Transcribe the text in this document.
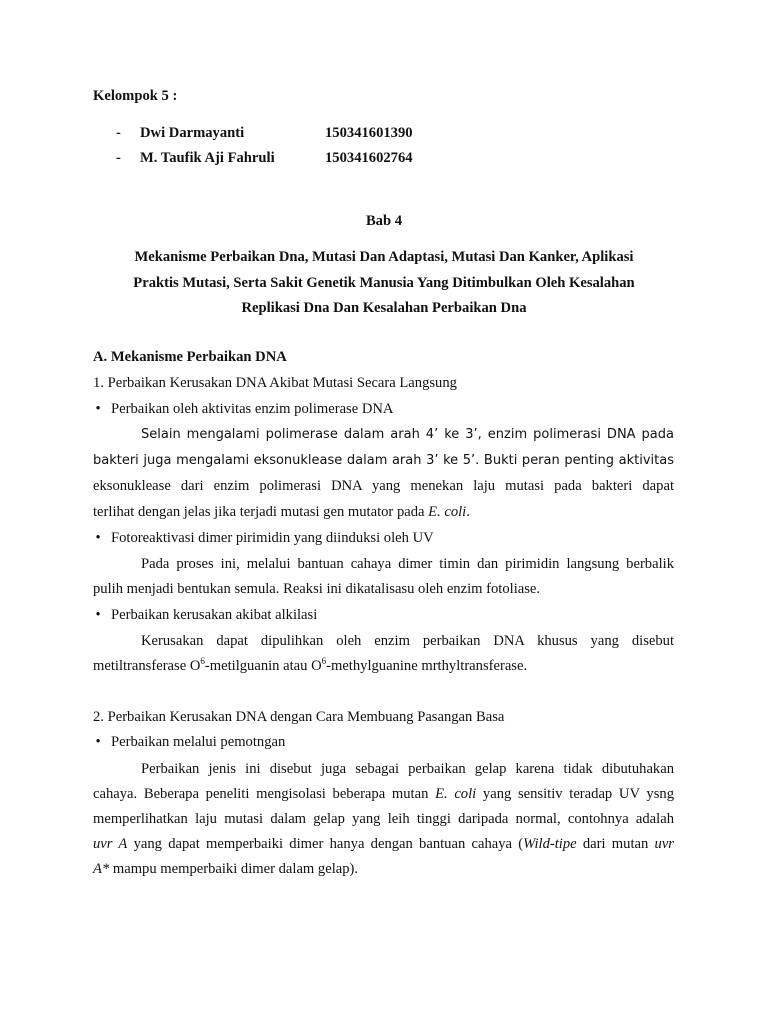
Kelompok 5 :
- Dwi Darmayanti	150341601390
- M. Taufik Aji Fahruli	150341602764
Bab 4
Mekanisme Perbaikan Dna, Mutasi Dan Adaptasi, Mutasi Dan Kanker, Aplikasi
Praktis Mutasi, Serta Sakit Genetik Manusia Yang Ditimbulkan Oleh Kesalahan
Replikasi Dna Dan Kesalahan Perbaikan Dna
A. Mekanisme Perbaikan DNA
1. Perbaikan Kerusakan DNA Akibat Mutasi Secara Langsung
• Perbaikan oleh aktivitas enzim polimerase DNA
Selain mengalami polimerase dalam arah 4’ ke 3’, enzim polimerasi DNA pada
bakteri juga mengalami eksonuklease dalam arah 3’ ke 5’. Bukti peran penting aktivitas
eksonuklease dari enzim polimerasi DNA yang menekan laju mutasi pada bakteri dapat
terlihat dengan jelas jika terjadi mutasi gen mutator pada E. coli.
• Fotoreaktivasi dimer pirimidin yang diinduksi oleh UV
Pada proses ini, melalui bantuan cahaya dimer timin dan pirimidin langsung berbalik
pulih menjadi bentukan semula. Reaksi ini dikatalisasu oleh enzim fotoliase.
• Perbaikan kerusakan akibat alkilasi
Kerusakan dapat dipulihkan oleh enzim perbaikan DNA khusus yang disebut
metiltransferase $O^6$-metilguanin atau $O^6$-methylguanine mrthyltransferase.
2. Perbaikan Kerusakan DNA dengan Cara Membuang Pasangan Basa
• Perbaikan melalui pemotngan
Perbaikan jenis ini disebut juga sebagai perbaikan gelap karena tidak dibutuhakan
cahaya. Beberapa peneliti mengisolasi beberapa mutan E. coli yang sensitiv teradap UV ysng
memperlihatkan laju mutasi dalam gelap yang leih tinggi daripada normal, contohnya adalah
uvr A yang dapat memperbaiki dimer hanya dengan bantuan cahaya (Wild-tipe dari mutan uvr
A* mampu memperbaiki dimer dalam gelap).
